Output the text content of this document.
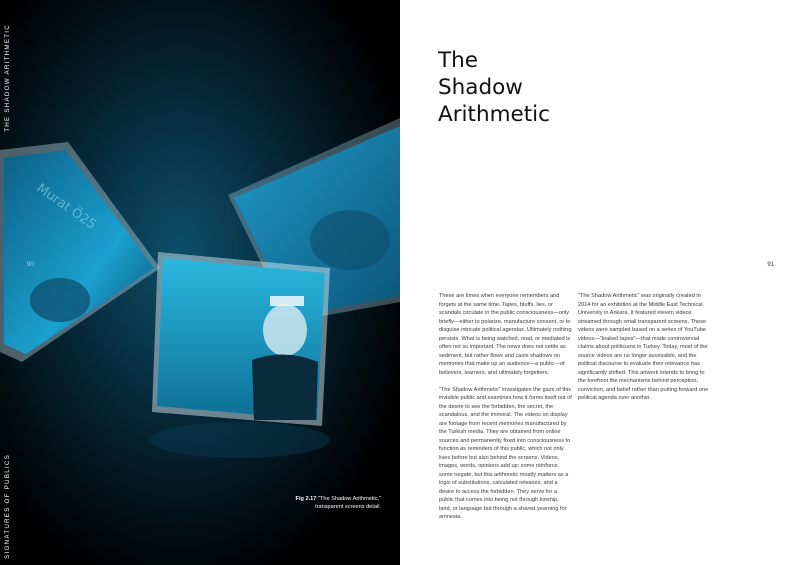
Murat Ö25
THE SHADOW ARITHMETIC
SIGNATURES OF PUBLICS
90
Fig 2.17 "The Shadow Arithmetic,"
transparent screens detail.
The
Shadow
Arithmetic
91

These are times when everyone remembers and forgets at the same time. Tapes, bluffs, lies, or scandals circulate in the public consciousness—only briefly—either to polarize, manufacture consent, or to disguise intricate political agendas. Ultimately nothing persists. What is being watched, read, or mediated is often not so important. The news does not settle as sediment, but rather flows and casts shadows on memories that make up an audience—a public—of believers, learners, and ultimately forgetters.

"The Shadow Arithmetic" investigates the gaze of this invisible public and examines how it forms itself out of the desire to see the forbidden, the secret, the scandalous, and the immoral. The videos on display are footage from recent memories manufactured by the Turkish media. They are obtained from online sources and permanently fixed into consciousness to function as reminders of this public, which not only lives before but also behind the screens. Videos, images, words, opinions add up; some reinforce, some negate, but this arithmetic mostly matters as a logic of substitutions, calculated releases, and a desire to access the forbidden. They serve for a public that comes into being not through kinship, land, or language but through a shared yearning for amnesia.

"The Shadow Arithmetic" was originally created in 2014 for an exhibition at the Middle East Technical University in Ankara. It featured eleven videos streamed through small transparent screens. These videos were sampled based on a series of YouTube videos—"leaked tapes"—that made controversial claims about politicians in Turkey. Today, most of the source videos are no longer accessible, and the political discourse to evaluate their relevance has significantly shifted. This artwork intends to bring to the forefront the mechanisms behind perception, conviction, and belief rather than putting forward one political agenda over another.
